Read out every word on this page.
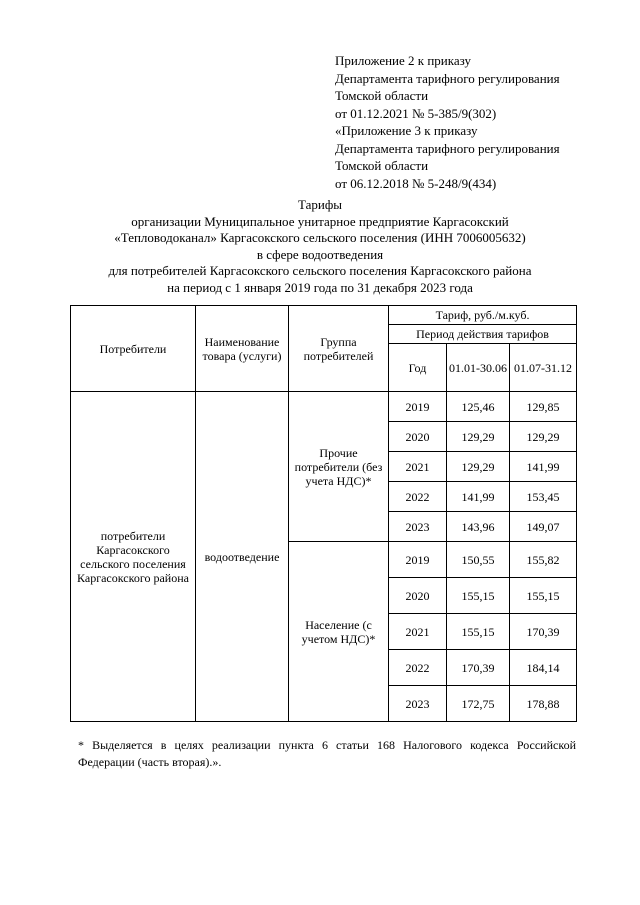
Приложение 2 к приказу
Департамента тарифного регулирования
Томской области
от 01.12.2021 № 5-385/9(302)
«Приложение 3 к приказу
Департамента тарифного регулирования
Томской области
от 06.12.2018 № 5-248/9(434)
Тарифы
организации Муниципальное унитарное предприятие Каргасокский
«Тепловодоканал» Каргасокского сельского поселения (ИНН 7006005632)
в сфере водоотведения
для потребителей Каргасокского сельского поселения Каргасокского района
на период с 1 января 2019 года по 31 декабря 2023 года
Потребители	Наименование товара (услуги)	Группа потребителей	Тариф, руб./м.куб.		
			Период действия тарифов		
			Год	01.01-30.06	01.07-31.12
потребители Каргасокского сельского поселения Каргасокского района	водоотведение	Прочие потребители (без учета НДС)*	2019	125,46	129,85
			2020	129,29	129,29
			2021	129,29	141,99
			2022	141,99	153,45
			2023	143,96	149,07
		Население (с учетом НДС)*	2019	150,55	155,82
			2020	155,15	155,15
			2021	155,15	170,39
			2022	170,39	184,14
			2023	172,75	178,88
* Выделяется в целях реализации пункта 6 статьи 168 Налогового кодекса Российской Федерации (часть вторая).».
